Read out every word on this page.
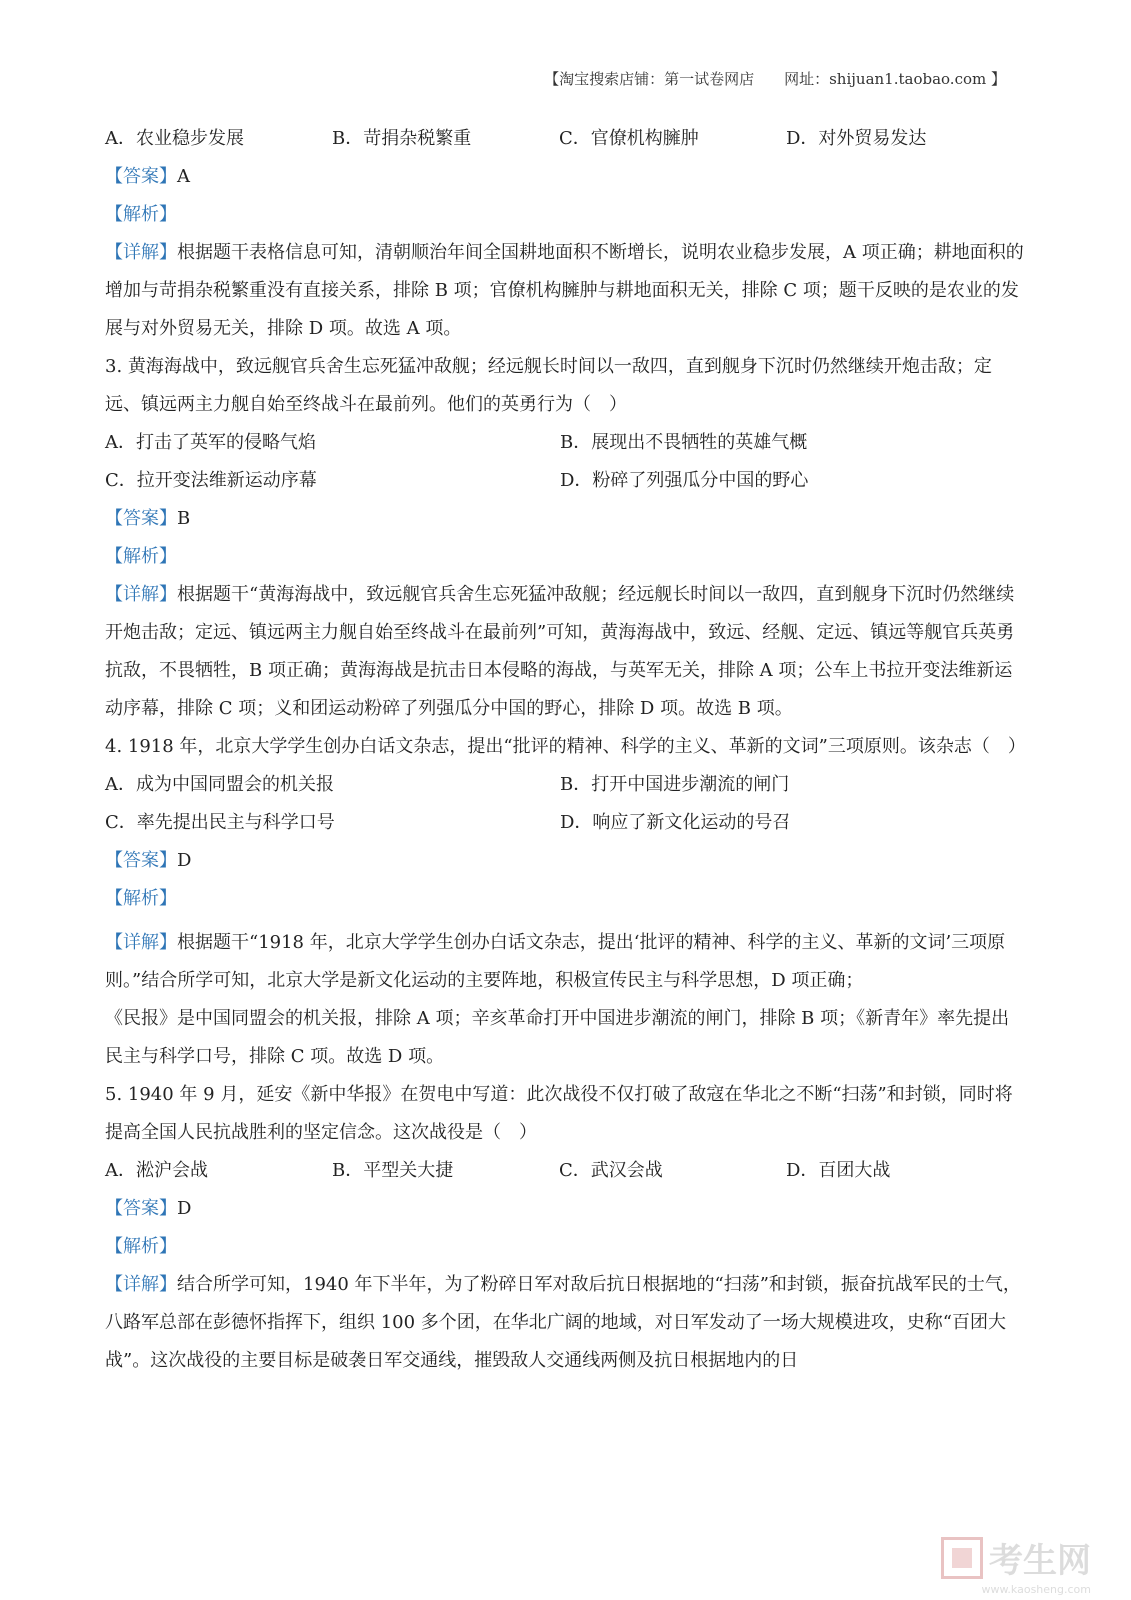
【淘宝搜索店铺：第一试卷网店　　网址：shijuan1.taobao.com 】
A．农业稳步发展	B．苛捐杂税繁重	C．官僚机构臃肿	D．对外贸易发达
【答案】A
【解析】
【详解】根据题干表格信息可知，清朝顺治年间全国耕地面积不断增长，说明农业稳步发展，A 项正确；耕地面积的增加与苛捐杂税繁重没有直接关系，排除 B 项；官僚机构臃肿与耕地面积无关，排除 C 项；题干反映的是农业的发展与对外贸易无关，排除 D 项。故选 A 项。
3. 黄海海战中，致远舰官兵舍生忘死猛冲敌舰；经远舰长时间以一敌四，直到舰身下沉时仍然继续开炮击敌；定远、镇远两主力舰自始至终战斗在最前列。他们的英勇行为（　）
A．打击了英军的侵略气焰	B．展现出不畏牺牲的英雄气概
C．拉开变法维新运动序幕	D．粉碎了列强瓜分中国的野心
【答案】B
【解析】
【详解】根据题干“黄海海战中，致远舰官兵舍生忘死猛冲敌舰；经远舰长时间以一敌四，直到舰身下沉时仍然继续开炮击敌；定远、镇远两主力舰自始至终战斗在最前列”可知，黄海海战中，致远、经舰、定远、镇远等舰官兵英勇抗敌，不畏牺牲，B 项正确；黄海海战是抗击日本侵略的海战，与英军无关，排除 A 项；公车上书拉开变法维新运动序幕，排除 C 项；义和团运动粉碎了列强瓜分中国的野心，排除 D 项。故选 B 项。
4. 1918 年，北京大学学生创办白话文杂志，提出“批评的精神、科学的主义、革新的文词”三项原则。该杂志（　）
A．成为中国同盟会的机关报	B．打开中国进步潮流的闸门
C．率先提出民主与科学口号	D．响应了新文化运动的号召
【答案】D
【解析】
【详解】根据题干“1918 年，北京大学学生创办白话文杂志，提出‘批评的精神、科学的主义、革新的文词’三项原则。”结合所学可知，北京大学是新文化运动的主要阵地，积极宣传民主与科学思想，D 项正确；
《民报》是中国同盟会的机关报，排除 A 项；辛亥革命打开中国进步潮流的闸门，排除 B 项；《新青年》率先提出民主与科学口号，排除 C 项。故选 D 项。
5. 1940 年 9 月，延安《新中华报》在贺电中写道：此次战役不仅打破了敌寇在华北之不断“扫荡”和封锁，同时将提高全国人民抗战胜利的坚定信念。这次战役是（　）
A．淞沪会战	B．平型关大捷	C．武汉会战	D．百团大战
【答案】D
【解析】
【详解】结合所学可知，1940 年下半年，为了粉碎日军对敌后抗日根据地的“扫荡”和封锁，振奋抗战军民的士气，八路军总部在彭德怀指挥下，组织 100 多个团，在华北广阔的地域，对日军发动了一场大规模进攻，史称“百团大战”。这次战役的主要目标是破袭日军交通线，摧毁敌人交通线两侧及抗日根据地内的日
考生网
www.kaosheng.com
